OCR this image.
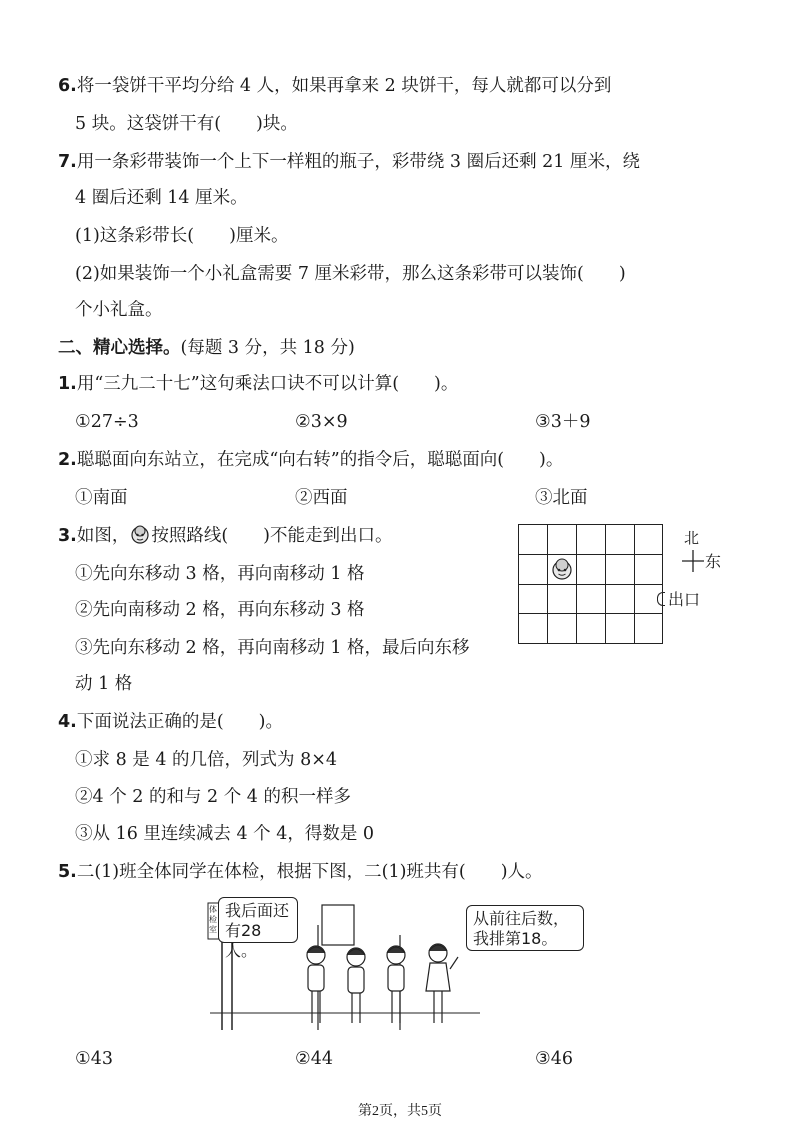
6.将一袋饼干平均分给 4 人，如果再拿来 2 块饼干，每人就都可以分到
5 块。这袋饼干有(　　)块。
7.用一条彩带装饰一个上下一样粗的瓶子，彩带绕 3 圈后还剩 21 厘米，绕
4 圈后还剩 14 厘米。
(1)这条彩带长(　　)厘米。
(2)如果装饰一个小礼盒需要 7 厘米彩带，那么这条彩带可以装饰(　　)
个小礼盒。
二、精心选择。(每题 3 分，共 18 分)
1.用“三九二十七”这句乘法口诀不可以计算(　　)。
①27÷3	②3×9	③3＋9
2.聪聪面向东站立，在完成“向右转”的指令后，聪聪面向(　　)。
①南面	②西面	③北面
3.如图， 按照路线(　　)不能走到出口。
①先向东移动 3 格，再向南移动 1 格
②先向南移动 2 格，再向东移动 3 格
③先向东移动 2 格，再向南移动 1 格，最后向东移
动 1 格
出口
北
东
4.下面说法正确的是(　　)。
①求 8 是 4 的几倍，列式为 8×4
②4 个 2 的和与 2 个 4 的积一样多
③从 16 里连续减去 4 个 4，得数是 0
5.二(1)班全体同学在体检，根据下图，二(1)班共有(　　)人。
体检室
我后面还
有28人。
从前往后数，
我排第18。
①43	②44	③46
第2页，共5页
